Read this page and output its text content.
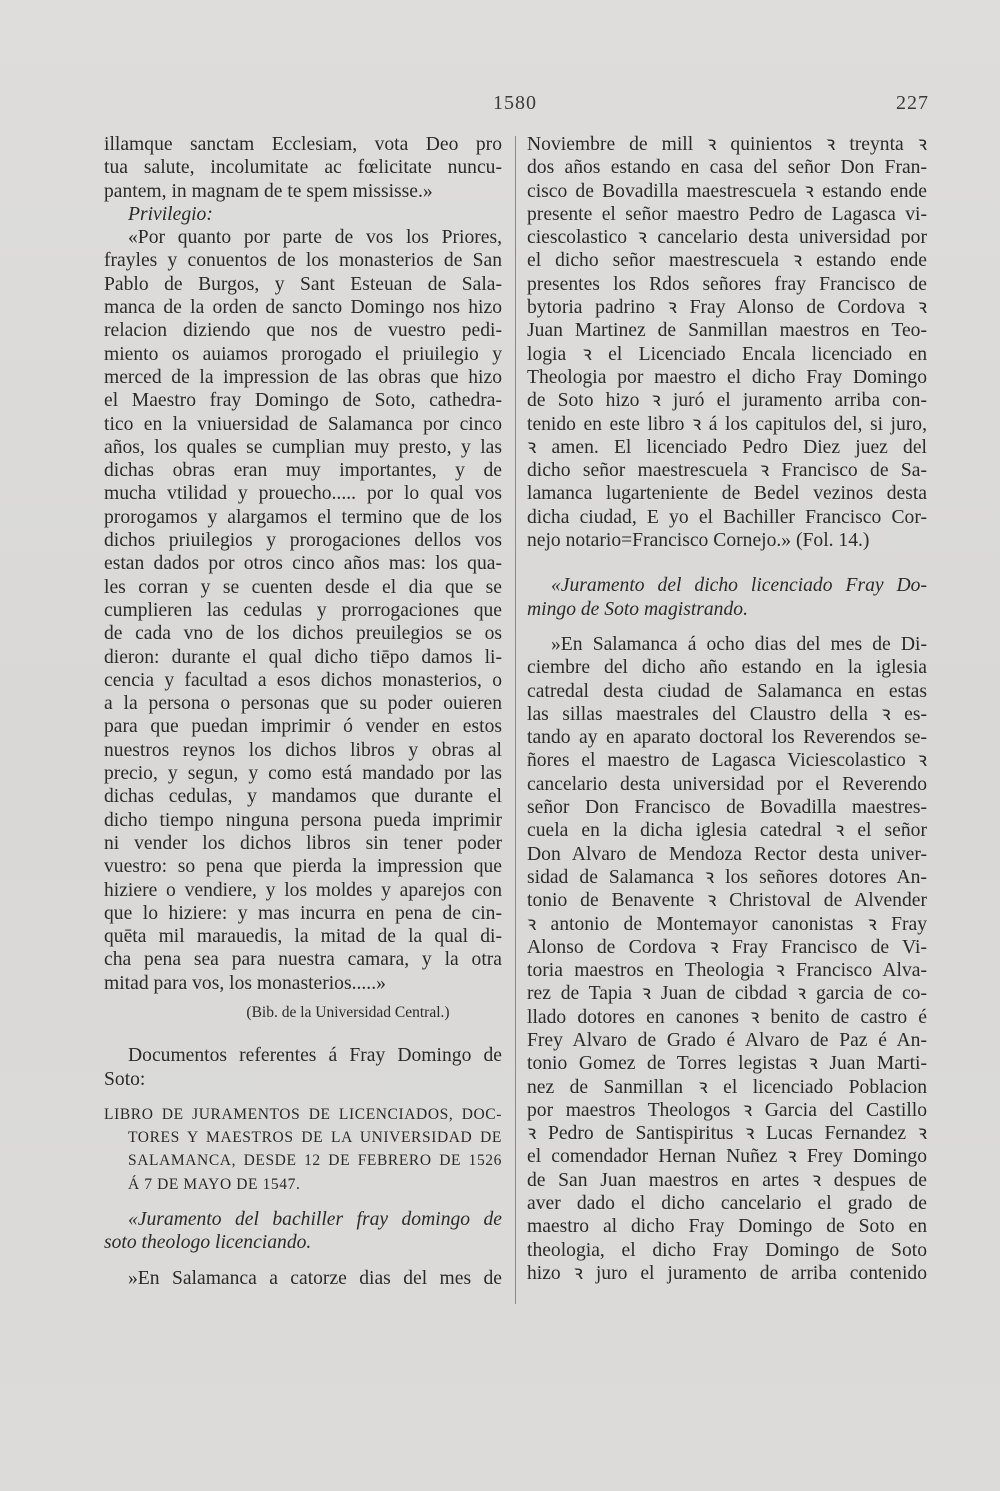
1580	227
illamque sanctam Ecclesiam, vota Deo pro
tua salute, incolumitate ac fœlicitate nuncu-
pantem, in magnam de te spem mississe.»
Privilegio:
«Por quanto por parte de vos los Priores,
frayles y conuentos de los monasterios de San
Pablo de Burgos, y Sant Esteuan de Sala-
manca de la orden de sancto Domingo nos hizo
relacion diziendo que nos de vuestro pedi-
miento os auiamos prorogado el priuilegio y
merced de la impression de las obras que hizo
el Maestro fray Domingo de Soto, cathedra-
tico en la vniuersidad de Salamanca por cinco
años, los quales se cumplian muy presto, y las
dichas obras eran muy importantes, y de
mucha vtilidad y prouecho..... por lo qual vos
prorogamos y alargamos el termino que de los
dichos priuilegios y prorogaciones dellos vos
estan dados por otros cinco años mas: los qua-
les corran y se cuenten desde el dia que se
cumplieren las cedulas y prorrogaciones que
de cada vno de los dichos preuilegios se os
dieron: durante el qual dicho tiēpo damos li-
cencia y facultad a esos dichos monasterios, o
a la persona o personas que su poder ouieren
para que puedan imprimir ó vender en estos
nuestros reynos los dichos libros y obras al
precio, y segun, y como está mandado por las
dichas cedulas, y mandamos que durante el
dicho tiempo ninguna persona pueda imprimir
ni vender los dichos libros sin tener poder
vuestro: so pena que pierda la impression que
hiziere o vendiere, y los moldes y aparejos con
que lo hiziere: y mas incurra en pena de cin-
quēta mil marauedis, la mitad de la qual di-
cha pena sea para nuestra camara, y la otra
mitad para vos, los monasterios.....»
(Bib. de la Universidad Central.)
Documentos referentes á Fray Domingo de
Soto:
LIBRO DE JURAMENTOS DE LICENCIADOS, DOC-
TORES Y MAESTROS DE LA UNIVERSIDAD DE
SALAMANCA, DESDE 12 DE FEBRERO DE 1526
Á 7 DE MAYO DE 1547.
«Juramento del bachiller fray domingo de
soto theologo licenciando.
»En Salamanca a catorze dias del mes de
Noviembre de mill ꝛ quinientos ꝛ treynta ꝛ
dos años estando en casa del señor Don Fran-
cisco de Bovadilla maestrescuela ꝛ estando ende
presente el señor maestro Pedro de Lagasca vi-
ciescolastico ꝛ cancelario desta universidad por
el dicho señor maestrescuela ꝛ estando ende
presentes los Rdos señores fray Francisco de
bytoria padrino ꝛ Fray Alonso de Cordova ꝛ
Juan Martinez de Sanmillan maestros en Teo-
logia ꝛ el Licenciado Encala licenciado en
Theologia por maestro el dicho Fray Domingo
de Soto hizo ꝛ juró el juramento arriba con-
tenido en este libro ꝛ á los capitulos del, si juro,
ꝛ amen. El licenciado Pedro Diez juez del
dicho señor maestrescuela ꝛ Francisco de Sa-
lamanca lugarteniente de Bedel vezinos desta
dicha ciudad, E yo el Bachiller Francisco Cor-
nejo notario=Francisco Cornejo.» (Fol. 14.)
«Juramento del dicho licenciado Fray Do-
mingo de Soto magistrando.
»En Salamanca á ocho dias del mes de Di-
ciembre del dicho año estando en la iglesia
catredal desta ciudad de Salamanca en estas
las sillas maestrales del Claustro della ꝛ es-
tando ay en aparato doctoral los Reverendos se-
ñores el maestro de Lagasca Viciescolastico ꝛ
cancelario desta universidad por el Reverendo
señor Don Francisco de Bovadilla maestres-
cuela en la dicha iglesia catedral ꝛ el señor
Don Alvaro de Mendoza Rector desta univer-
sidad de Salamanca ꝛ los señores dotores An-
tonio de Benavente ꝛ Christoval de Alvender
ꝛ antonio de Montemayor canonistas ꝛ Fray
Alonso de Cordova ꝛ Fray Francisco de Vi-
toria maestros en Theologia ꝛ Francisco Alva-
rez de Tapia ꝛ Juan de cibdad ꝛ garcia de co-
llado dotores en canones ꝛ benito de castro é
Frey Alvaro de Grado é Alvaro de Paz é An-
tonio Gomez de Torres legistas ꝛ Juan Marti-
nez de Sanmillan ꝛ el licenciado Poblacion
por maestros Theologos ꝛ Garcia del Castillo
ꝛ Pedro de Santispiritus ꝛ Lucas Fernandez ꝛ
el comendador Hernan Nuñez ꝛ Frey Domingo
de San Juan maestros en artes ꝛ despues de
aver dado el dicho cancelario el grado de
maestro al dicho Fray Domingo de Soto en
theologia, el dicho Fray Domingo de Soto
hizo ꝛ juro el juramento de arriba contenido
